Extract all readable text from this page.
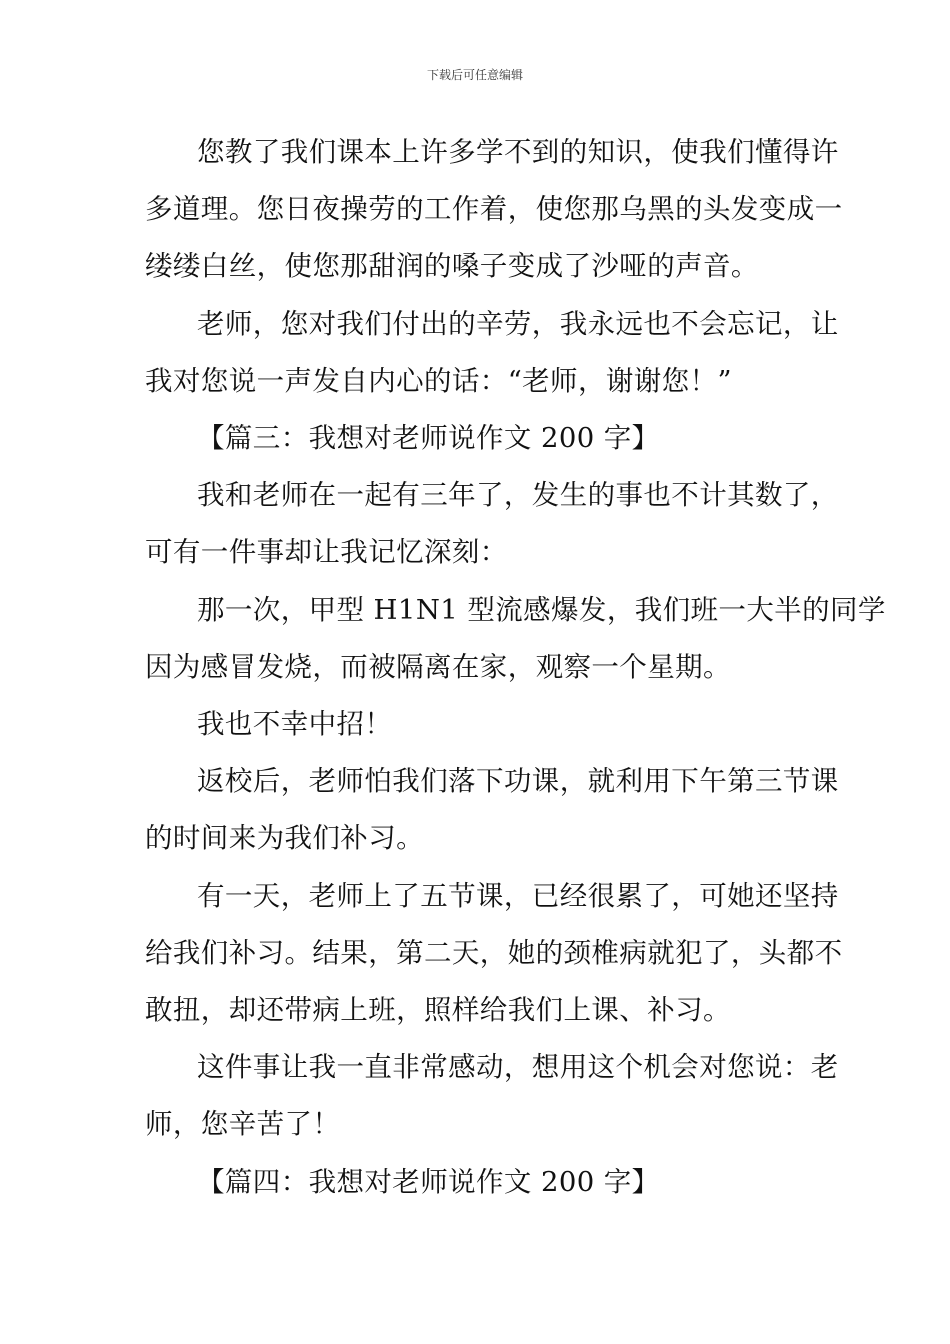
下载后可任意编辑
您教了我们课本上许多学不到的知识，使我们懂得许
多道理。您日夜操劳的工作着，使您那乌黑的头发变成一
缕缕白丝，使您那甜润的嗓子变成了沙哑的声音。
老师，您对我们付出的辛劳，我永远也不会忘记，让
我对您说一声发自内心的话：“老师，谢谢您！”
【篇三：我想对老师说作文 200 字】
我和老师在一起有三年了，发生的事也不计其数了，
可有一件事却让我记忆深刻：
那一次，甲型 H1N1 型流感爆发，我们班一大半的同学
因为感冒发烧，而被隔离在家，观察一个星期。
我也不幸中招！
返校后，老师怕我们落下功课，就利用下午第三节课
的时间来为我们补习。
有一天，老师上了五节课，已经很累了，可她还坚持
给我们补习。结果，第二天，她的颈椎病就犯了，头都不
敢扭，却还带病上班，照样给我们上课、补习。
这件事让我一直非常感动，想用这个机会对您说：老
师，您辛苦了！
【篇四：我想对老师说作文 200 字】
